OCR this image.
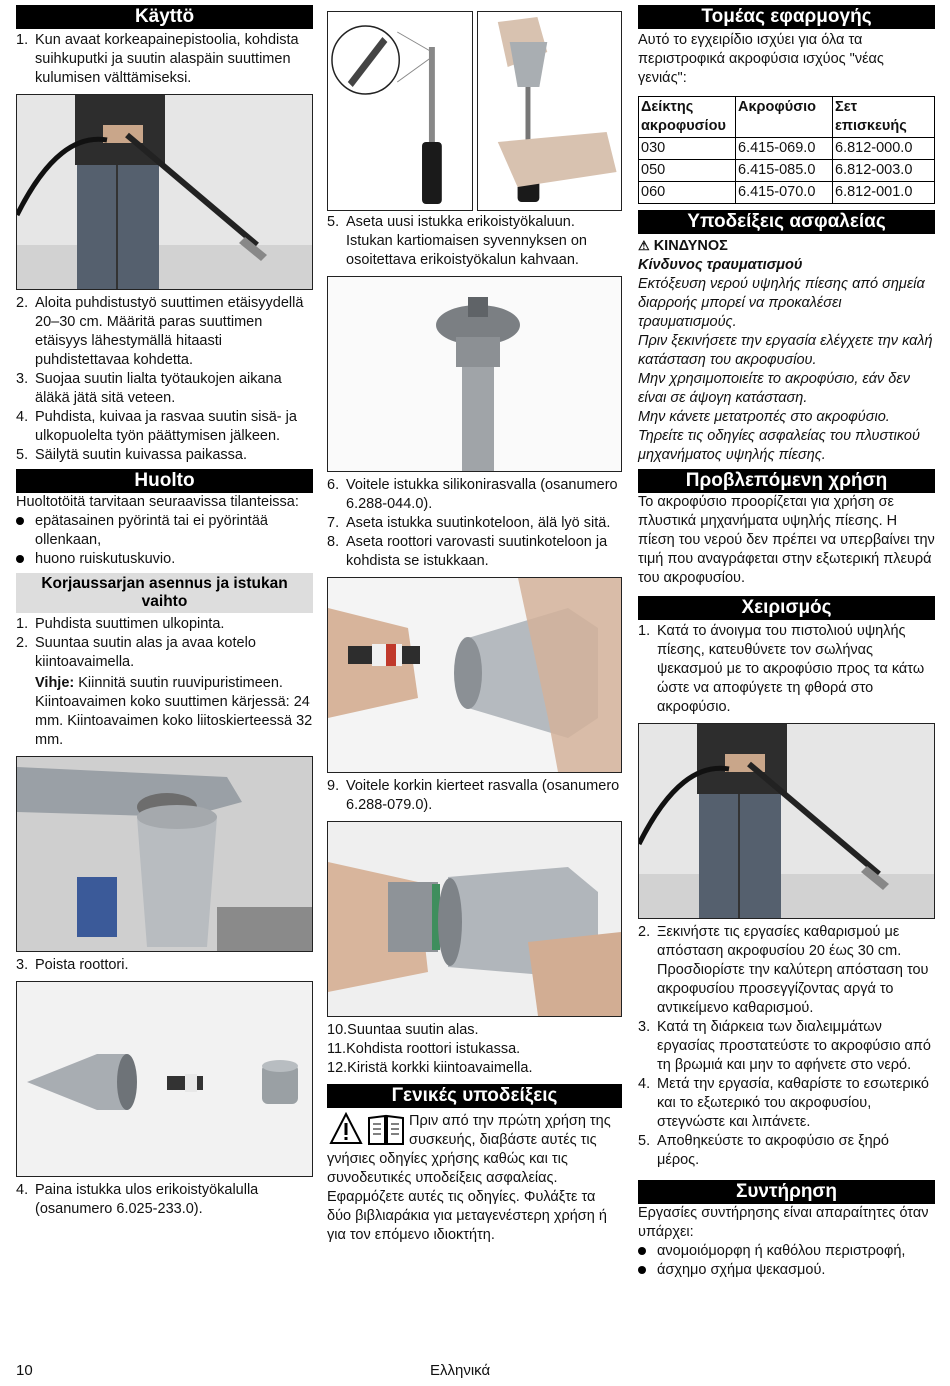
Käyttö
1. Kun avaat korkeapainepistoolia, kohdista suihkuputki ja suutin alaspäin suuttimen kulumisen välttämiseksi.
2. Aloita puhdistustyö suuttimen etäisyydellä 20–30 cm. Määritä paras suuttimen etäisyys lähestymällä hitaasti puhdistettavaa kohdetta.
3. Suojaa suutin lialta työtaukojen aikana äläkä jätä sitä veteen.
4. Puhdista, kuivaa ja rasvaa suutin sisä- ja ulkopuolelta työn päättymisen jälkeen.
5. Säilytä suutin kuivassa paikassa.
Huolto

Huoltotöitä tarvitaan seuraavissa tilanteissa:

epätasainen pyörintä tai ei pyörintää ollenkaan,
huono ruiskutuskuvio.
Korjaussarjan asennus ja istukan vaihto
1. Puhdista suuttimen ulkopinta.
2. Suuntaa suutin alas ja avaa kotelo kiintoavaimella.
Vihje: Kiinnitä suutin ruuvipuristimeen. Kiintoavaimen koko suuttimen kärjessä: 24 mm. Kiintoavaimen koko liitoskierteessä 32 mm.
3. Poista roottori.
4. Paina istukka ulos erikoistyökalulla (osanumero 6.025-233.0).
5. Aseta uusi istukka erikoistyökaluun. Istukan kartiomaisen syvennyksen on osoitettava erikoistyökalun kahvaan.
6. Voitele istukka silikonirasvalla (osanumero 6.288-044.0).
7. Aseta istukka suutinkoteloon, älä lyö sitä.
8. Aseta roottori varovasti suutinkoteloon ja kohdista se istukkaan.
9. Voitele korkin kierteet rasvalla (osanumero 6.288-079.0).
10.Suuntaa suutin alas.
11.Kohdista roottori istukassa.
12.Kiristä korkki kiintoavaimella.
Γενικές υποδείξεις
Πριν από την πρώτη χρήση της
συσκευής, διαβάστε αυτές τις
γνήσιες οδηγίες χρήσης καθώς και τις συνοδευτικές υποδείξεις ασφαλείας. Εφαρμόζετε αυτές τις οδηγίες. Φυλάξτε τα δύο βιβλιαράκια για μεταγενέστερη χρήση ή για τον επόμενο ιδιοκτήτη.
Τομέας εφαρμογής

Αυτό το εγχειρίδιο ισχύει για όλα τα περιστροφικά ακροφύσια ισχύος "νέας γενιάς":

Δείκτης ακροφυσίου	Ακροφύσιο	Σετ επισκευής
030	6.415-069.0	6.812-000.0
050	6.415-085.0	6.812-003.0
060	6.415-070.0	6.812-001.0
Υποδείξεις ασφαλείας
⚠ ΚΙΝΔΥΝΟΣ
Κίνδυνος τραυματισμού
Εκτόξευση νερού υψηλής πίεσης από σημεία διαρροής μπορεί να προκαλέσει τραυματισμούς.
Πριν ξεκινήσετε την εργασία ελέγχετε την καλή κατάσταση του ακροφυσίου.
Μην χρησιμοποιείτε το ακροφύσιο, εάν δεν είναι σε άψογη κατάσταση.
Μην κάνετε μετατροπές στο ακροφύσιο.
Τηρείτε τις οδηγίες ασφαλείας του πλυστικού μηχανήματος υψηλής πίεσης.
Προβλεπόμενη χρήση

Το ακροφύσιο προορίζεται για χρήση σε πλυστικά μηχανήματα υψηλής πίεσης. Η πίεση του νερού δεν πρέπει να υπερβαίνει την τιμή που αναγράφεται στην εξωτερική πλευρά του ακροφυσίου.

Χειρισμός
1. Κατά το άνοιγμα του πιστολιού υψηλής πίεσης, κατευθύνετε τον σωλήνας ψεκασμού με το ακροφύσιο προς τα κάτω ώστε να αποφύγετε τη φθορά στο ακροφύσιο.
2. Ξεκινήστε τις εργασίες καθαρισμού με απόσταση ακροφυσίου 20 έως 30 cm. Προσδιορίστε την καλύτερη απόσταση του ακροφυσίου προσεγγίζοντας αργά το αντικείμενο καθαρισμού.
3. Κατά τη διάρκεια των διαλειμμάτων εργασίας προστατεύστε το ακροφύσιο από τη βρωμιά και μην το αφήνετε στο νερό.
4. Μετά την εργασία, καθαρίστε το εσωτερικό και το εξωτερικό του ακροφυσίου, στεγνώστε και λιπάνετε.
5. Αποθηκεύστε το ακροφύσιο σε ξηρό μέρος.
Συντήρηση

Εργασίες συντήρησης είναι απαραίτητες όταν υπάρχει:

ανομοιόμορφη ή καθόλου περιστροφή,
άσχημο σχήμα ψεκασμού.
10	Ελληνικά
